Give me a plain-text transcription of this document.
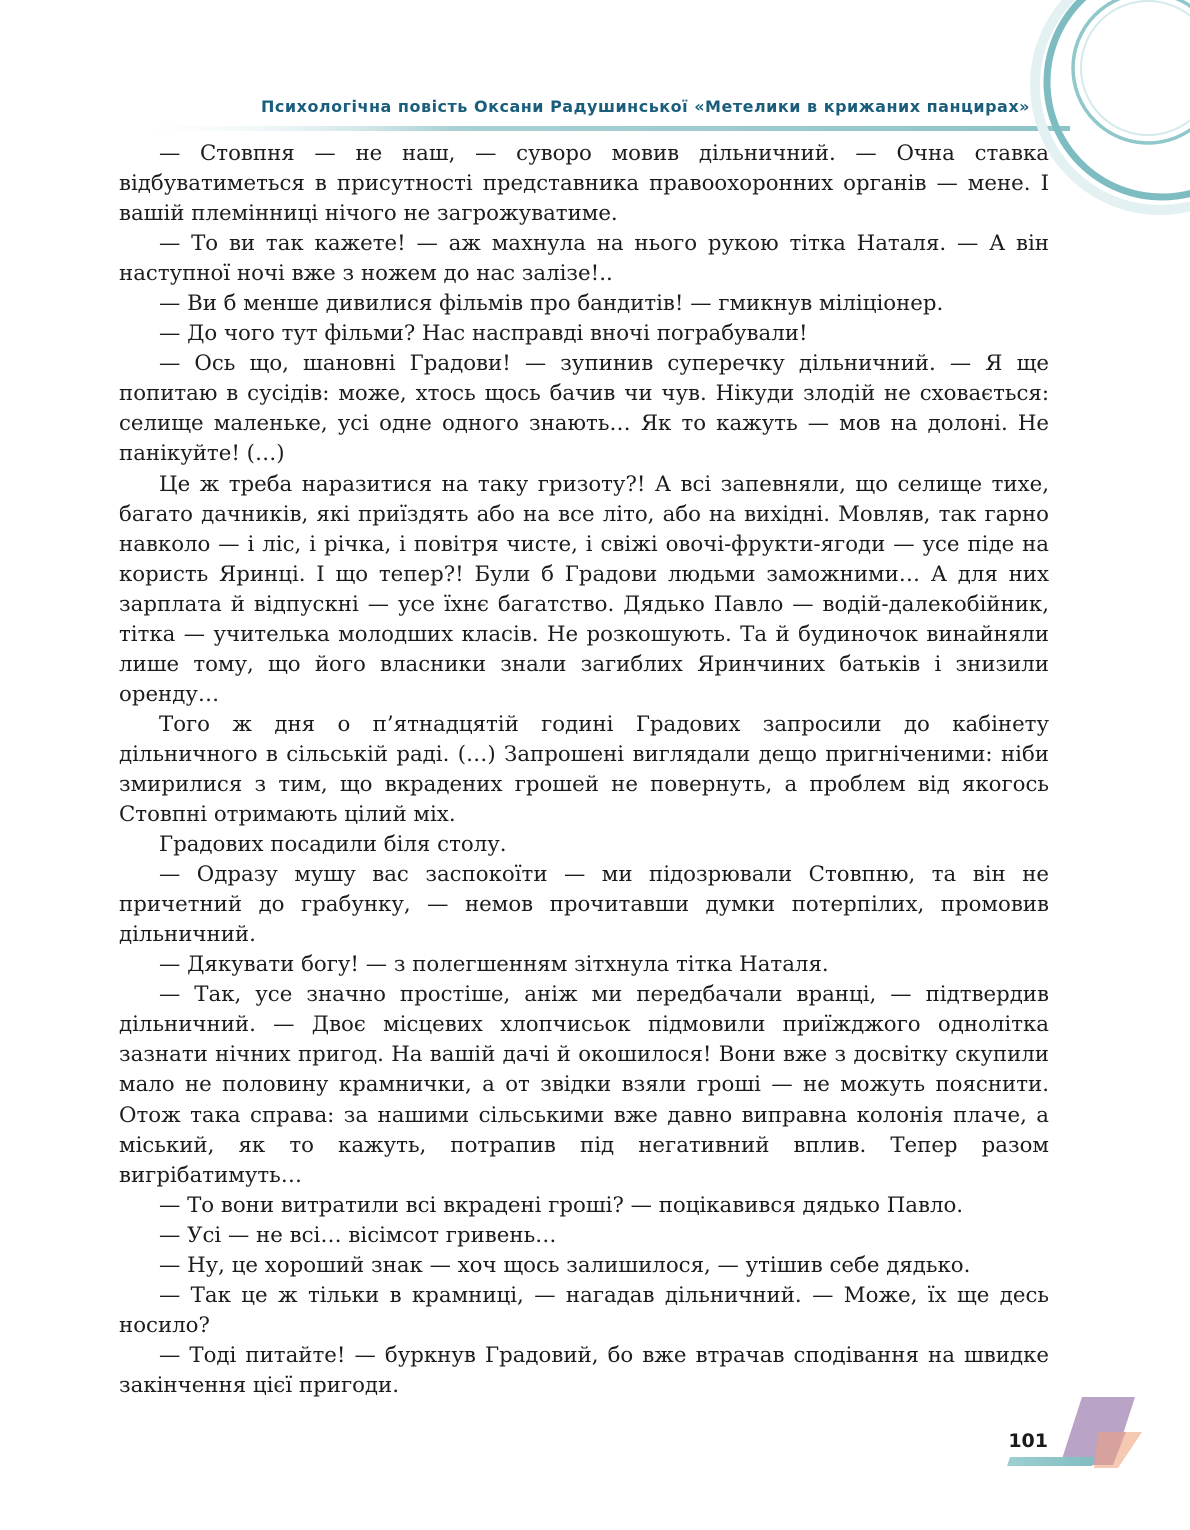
Психологічна повість Оксани Радушинської «Метелики в крижаних панцирах»

— Стовпня — не наш, — суворо мовив дільничний. — Очна ставка відбуватиметься в присутності представника правоохоронних органів — мене. І вашій племінниці нічого не загрожуватиме.

— То ви так кажете! — аж махнула на нього рукою тітка Наталя. — А він наступної ночі вже з ножем до нас залізе!..

— Ви б менше дивилися фільмів про бандитів! — гмикнув міліціонер.

— До чого тут фільми? Нас насправді вночі пограбували!

— Ось що, шановні Градови! — зупинив суперечку дільничний. — Я ще попитаю в сусідів: може, хтось щось бачив чи чув. Нікуди злодій не сховається: селище маленьке, усі одне одного знають… Як то кажуть — мов на долоні. Не панікуйте! (…)

Це ж треба наразитися на таку гризоту?! А всі запевняли, що селище тихе, багато дачників, які приїздять або на все літо, або на вихідні. Мовляв, так гарно навколо — і ліс, і річка, і повітря чисте, і свіжі овочі-фрукти-ягоди — усе піде на користь Яринці. І що тепер?! Були б Градови людьми заможними… А для них зарплата й відпускні — усе їхнє багатство. Дядько Павло — водій-далекобійник, тітка — учителька молодших класів. Не розкошують. Та й будиночок винайняли лише тому, що його власники знали загиблих Яринчиних батьків і знизили оренду…

Того ж дня о п’ятнадцятій годині Градових запросили до кабінету дільничного в сільській раді. (…) Запрошені виглядали дещо пригніченими: ніби змирилися з тим, що вкрадених грошей не повернуть, а проблем від якогось Стовпні отримають цілий міх.

Градових посадили біля столу.

— Одразу мушу вас заспокоїти — ми підозрювали Стовпню, та він не причетний до грабунку, — немов прочитавши думки потерпілих, промовив дільничний.

— Дякувати богу! — з полегшенням зітхнула тітка Наталя.

— Так, усе значно простіше, аніж ми передбачали вранці, — підтвердив дільничний. — Двоє місцевих хлопчисьок підмовили приїжджого однолітка зазнати нічних пригод. На вашій дачі й окошилося! Вони вже з досвітку скупили мало не половину крамнички, а от звідки взяли гроші — не можуть пояснити. Отож така справа: за нашими сільськими вже давно виправна колонія плаче, а міський, як то кажуть, потрапив під негативний вплив. Тепер разом вигрібатимуть…

— То вони витратили всі вкрадені гроші? — поцікавився дядько Павло.

— Усі — не всі… вісімсот гривень…

— Ну, це хороший знак — хоч щось залишилося, — утішив себе дядько.

— Так це ж тільки в крамниці, — нагадав дільничний. — Може, їх ще десь носило?

— Тоді питайте! — буркнув Градовий, бо вже втрачав сподівання на швидке закінчення цієї пригоди.

101
